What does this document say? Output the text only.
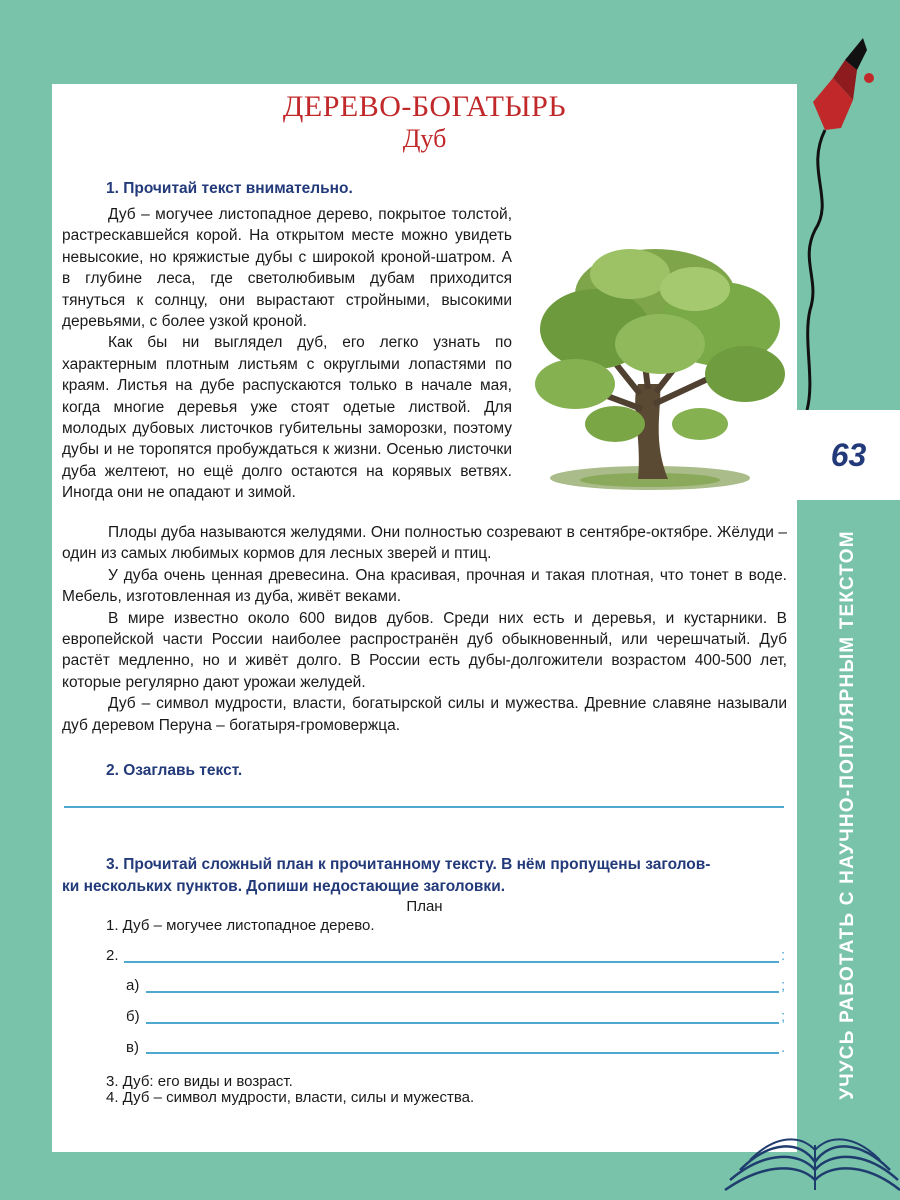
ДЕРЕВО-БОГАТЫРЬ
Дуб
1. Прочитай текст внимательно.

Дуб – могучее листопадное дерево, покрытое толстой, растрескавшейся корой. На открытом месте можно увидеть невысокие, но кряжистые дубы с широкой кроной-шатром. А в глубине леса, где светолюбивым дубам приходится тянуться к солнцу, они вырастают стройными, высокими деревьями, с более узкой кроной.

Как бы ни выглядел дуб, его легко узнать по характерным плотным листьям с округлыми лопастями по краям. Листья на дубе распускаются только в начале мая, когда многие деревья уже стоят одетые листвой. Для молодых дубовых листочков губительны заморозки, поэтому дубы и не торопятся пробуждаться к жизни. Осенью листочки дуба желтеют, но ещё долго остаются на корявых ветвях. Иногда они не опадают и зимой.

Плоды дуба называются желудями. Они полностью созревают в сентябре-октябре. Жёлуди – один из самых любимых кормов для лесных зверей и птиц.

У дуба очень ценная древесина. Она красивая, прочная и такая плотная, что тонет в воде. Мебель, изготовленная из дуба, живёт веками.

В мире известно около 600 видов дубов. Среди них есть и деревья, и кустарники. В европейской части России наиболее распространён дуб обыкновенный, или черешчатый. Дуб растёт медленно, но и живёт долго. В России есть дубы-долгожители возрастом 400-500 лет, которые регулярно дают урожаи желудей.

Дуб – символ мудрости, власти, богатырской силы и мужества. Древние славяне называли дуб деревом Перуна – богатыря-громовержца.

2. Озаглавь текст.
3. Прочитай сложный план к прочитанному тексту. В нём пропущены заголов-
ки нескольких пунктов. Допиши недостающие заголовки.
План
1. Дуб – могучее листопадное дерево.
2.	:
а)	;
б)	;
в)	.
3. Дуб: его виды и возраст.
4. Дуб – символ мудрости, власти, силы и мужества.
63
УЧУСЬ РАБОТАТЬ С НАУЧНО-ПОПУЛЯРНЫМ ТЕКСТОМ
